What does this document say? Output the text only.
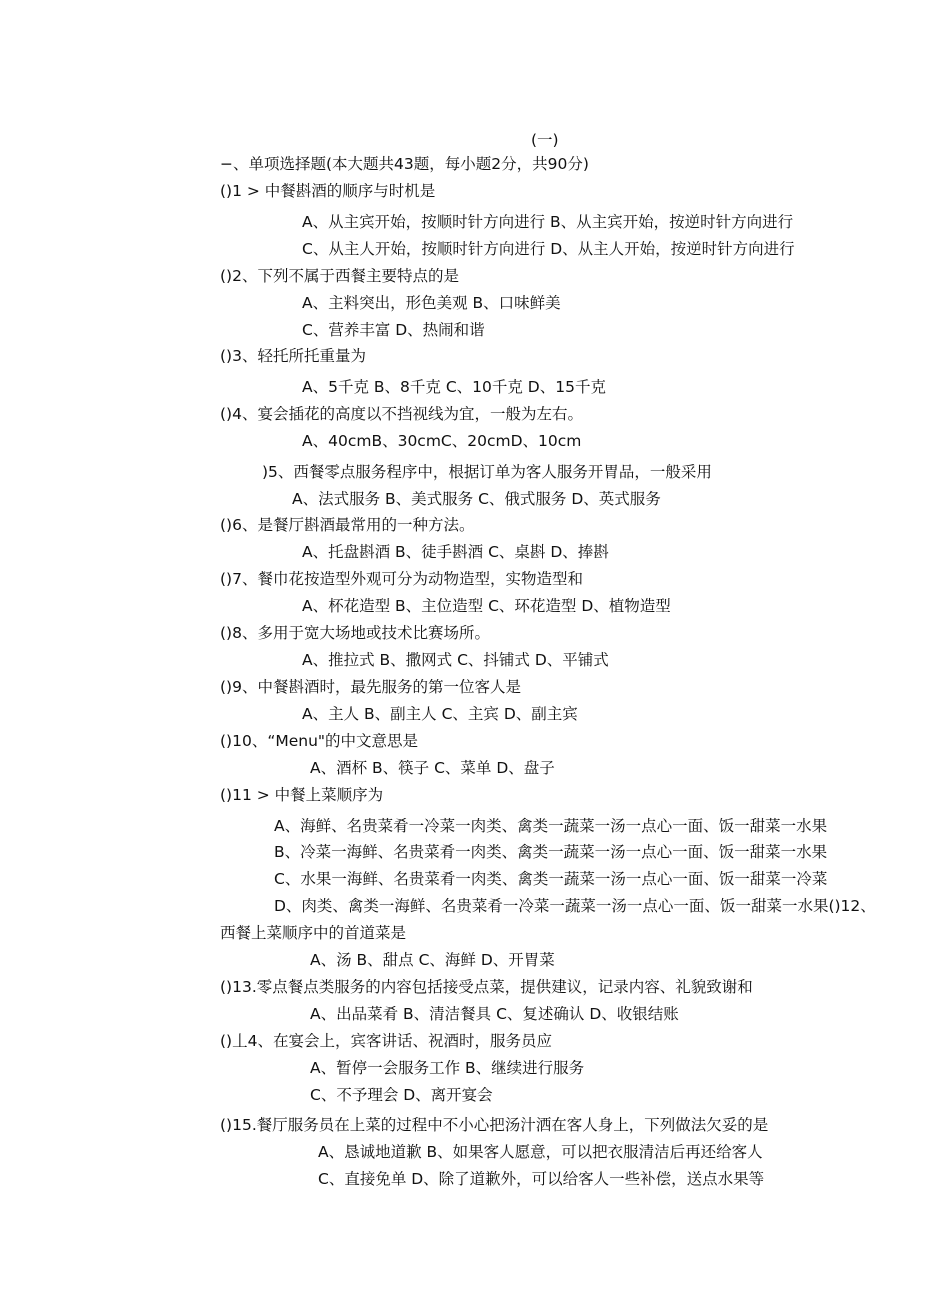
(一)
−、单项选择题(本大题共43题，每小题2分，共90分)
()1 > 中餐斟酒的顺序与时机是
A、从主宾开始，按顺时针方向进行 B、从主宾开始，按逆时针方向进行
C、从主人开始，按顺时针方向进行 D、从主人开始，按逆时针方向进行
()2、下列不属于西餐主要特点的是
A、主料突出，形色美观 B、口味鲜美
C、营养丰富 D、热闹和谐
()3、轻托所托重量为
A、5千克 B、8千克 C、10千克 D、15千克
()4、宴会插花的高度以不挡视线为宜，一般为左右。
A、40cmB、30cmC、20cmD、10cm
)5、西餐零点服务程序中，根据订单为客人服务开胃品，一般采用
A、法式服务 B、美式服务 C、俄式服务 D、英式服务
()6、是餐厅斟酒最常用的一种方法。
A、托盘斟酒 B、徒手斟酒 C、桌斟 D、捧斟
()7、餐巾花按造型外观可分为动物造型，实物造型和
A、杯花造型 B、主位造型 C、环花造型 D、植物造型
()8、多用于宽大场地或技术比赛场所。
A、推拉式 B、撒网式 C、抖铺式 D、平铺式
()9、中餐斟酒时，最先服务的第一位客人是
A、主人 B、副主人 C、主宾 D、副主宾
()10、“Menu"的中文意思是
A、酒杯 B、筷子 C、菜单 D、盘子
()11 > 中餐上菜顺序为
A、海鲜、名贵菜肴一冷菜一肉类、禽类一蔬菜一汤一点心一面、饭一甜菜一水果
B、冷菜一海鲜、名贵菜肴一肉类、禽类一蔬菜一汤一点心一面、饭一甜菜一水果
C、水果一海鲜、名贵菜肴一肉类、禽类一蔬菜一汤一点心一面、饭一甜菜一冷菜
D、肉类、禽类一海鲜、名贵菜肴一冷菜一蔬菜一汤一点心一面、饭一甜菜一水果()12、
西餐上菜顺序中的首道菜是
A、汤 B、甜点 C、海鲜 D、开胃菜
()13.零点餐点类服务的内容包括接受点菜，提供建议，记录内容、礼貌致谢和
A、出品菜肴 B、清洁餐具 C、复述确认 D、收银结账
()丄4、在宴会上，宾客讲话、祝酒时，服务员应
A、暂停一会服务工作 B、继续进行服务
C、不予理会 D、离开宴会
()15.餐厅服务员在上菜的过程中不小心把汤汁洒在客人身上，下列做法欠妥的是
A、恳诚地道歉 B、如果客人愿意，可以把衣服清洁后再还给客人
C、直接免单 D、除了道歉外，可以给客人一些补偿，送点水果等
